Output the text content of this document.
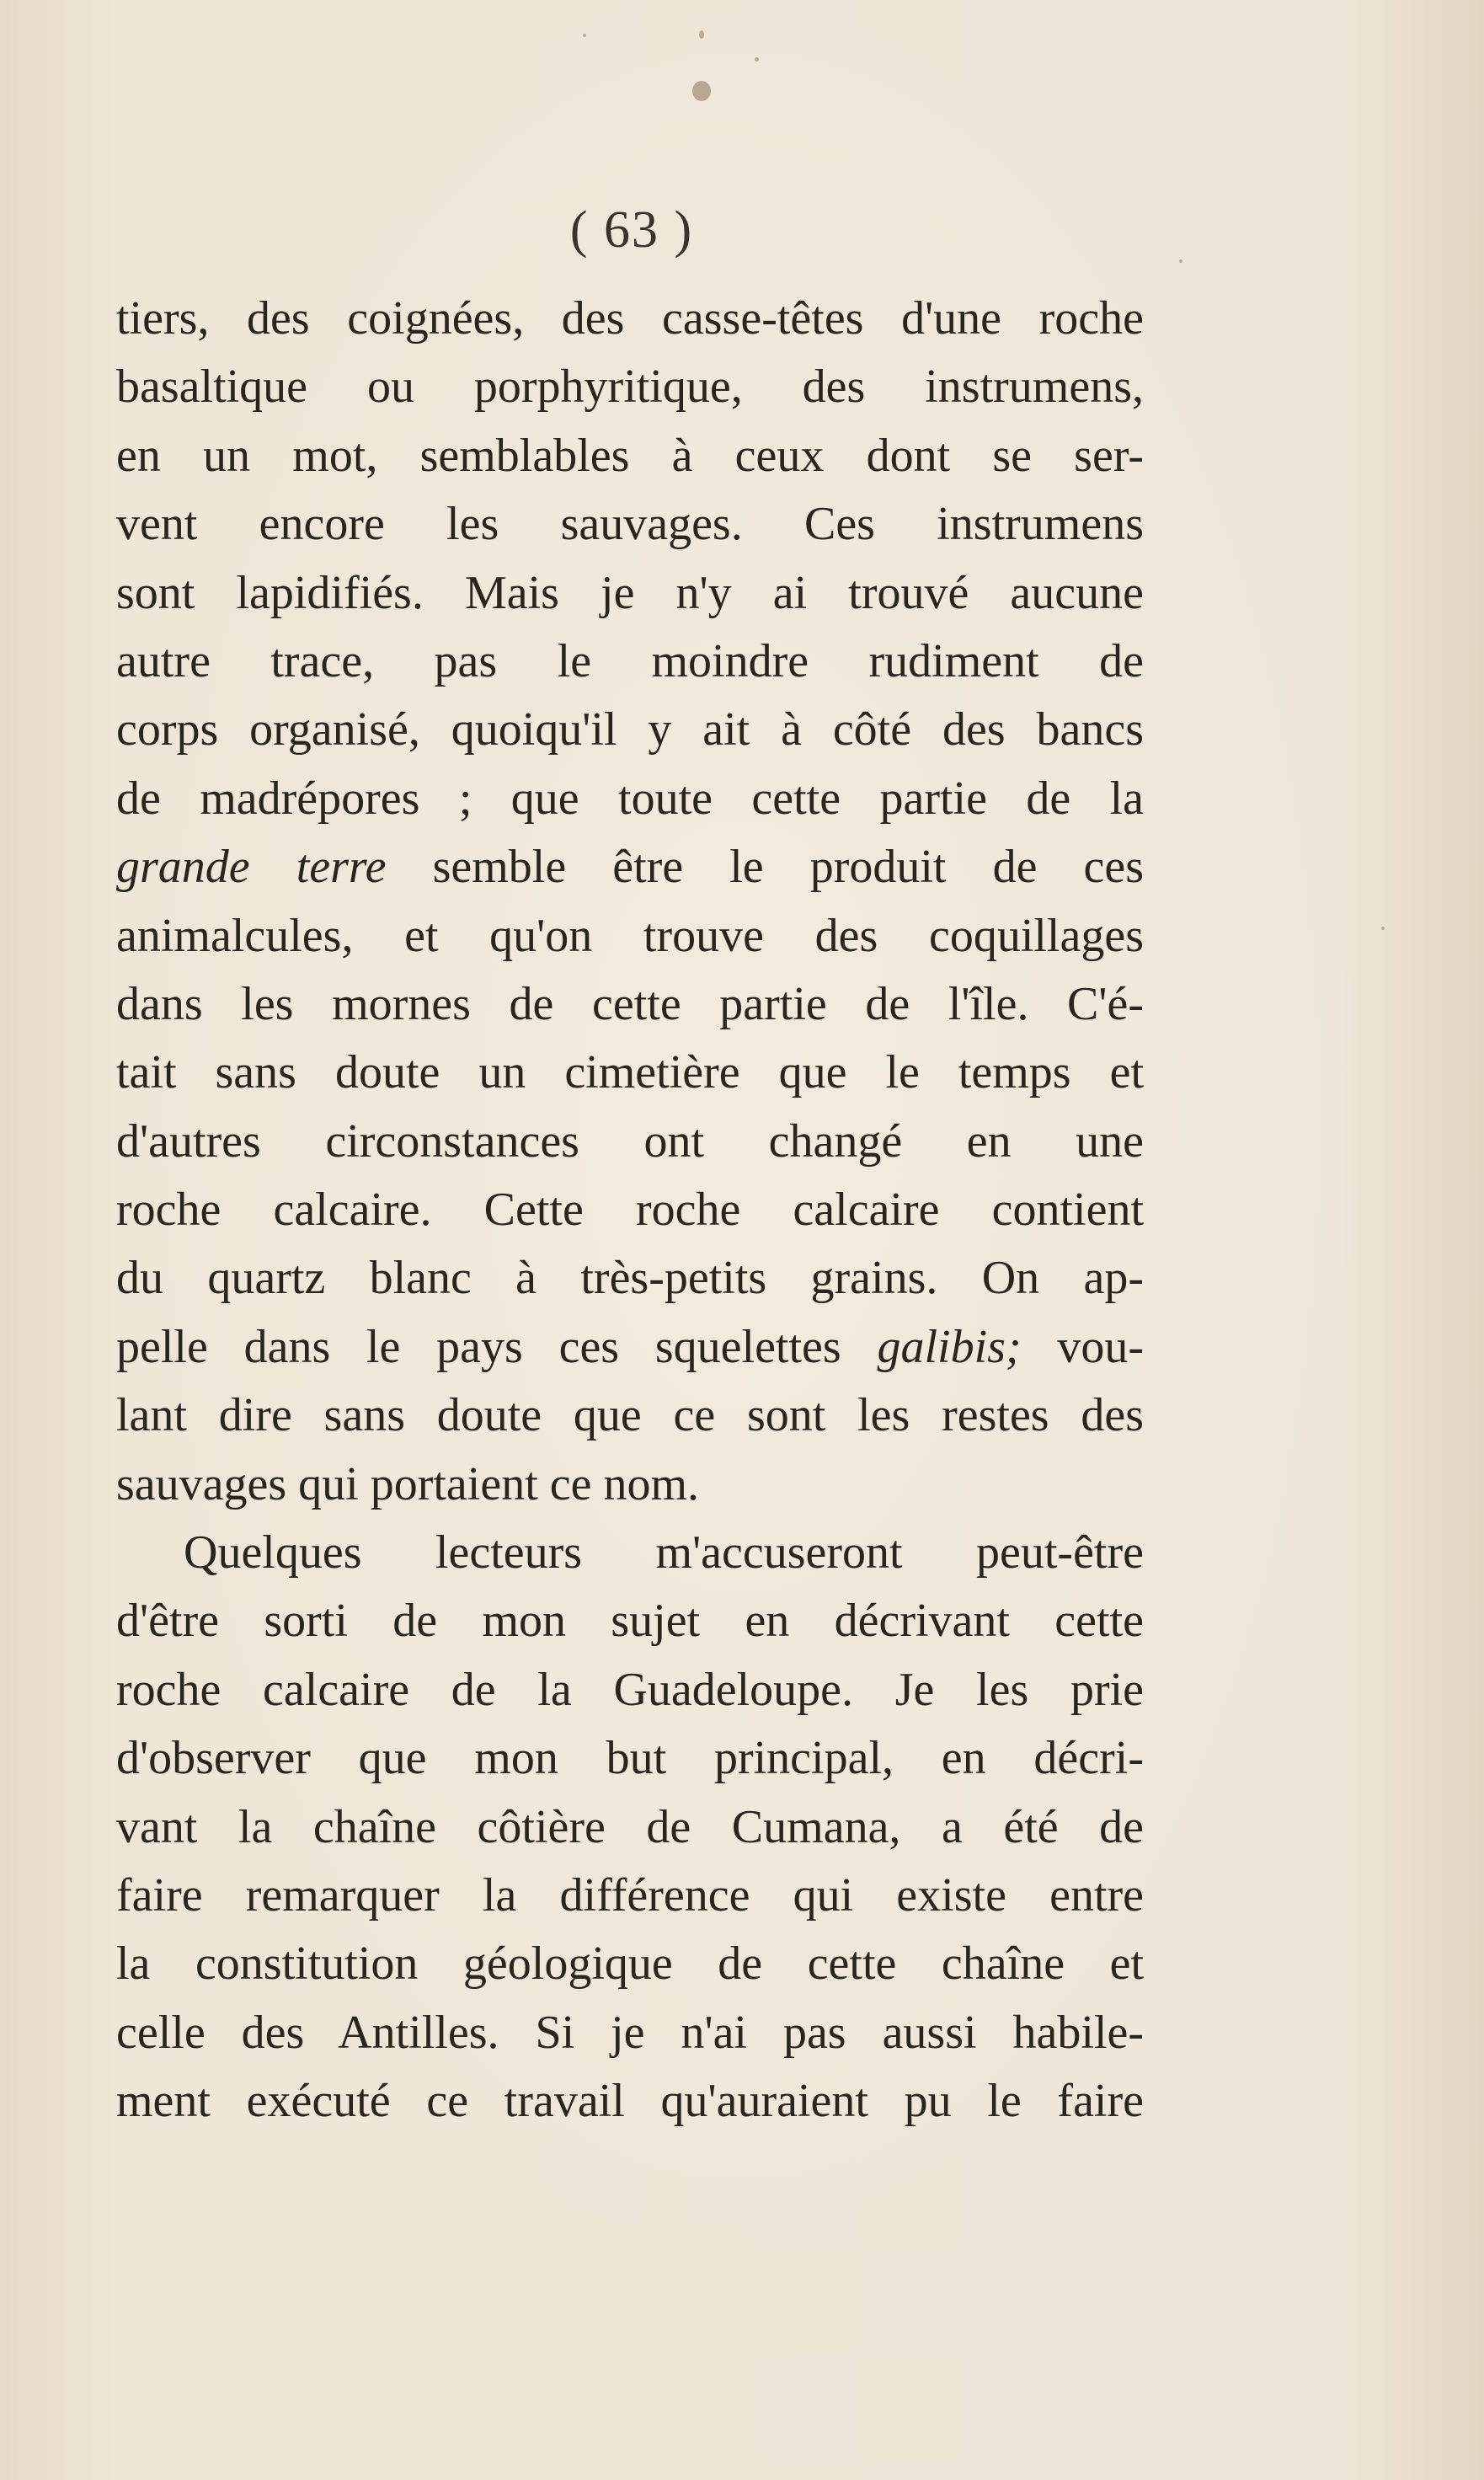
( 63 )
tiers, des coignées, des casse-têtes d'une roche
basaltique ou porphyritique, des instrumens,
en un mot, semblables à ceux dont se ser-
vent encore les sauvages. Ces instrumens
sont lapidifiés. Mais je n'y ai trouvé aucune
autre trace, pas le moindre rudiment de
corps organisé, quoiqu'il y ait à côté des bancs
de madrépores ; que toute cette partie de la
grande terre semble être le produit de ces
animalcules, et qu'on trouve des coquillages
dans les mornes de cette partie de l'île. C'é-
tait sans doute un cimetière que le temps et
d'autres circonstances ont changé en une
roche calcaire. Cette roche calcaire contient
du quartz blanc à très-petits grains. On ap-
pelle dans le pays ces squelettes galibis; vou-
lant dire sans doute que ce sont les restes des
sauvages qui portaient ce nom.
Quelques lecteurs m'accuseront peut-être
d'être sorti de mon sujet en décrivant cette
roche calcaire de la Guadeloupe. Je les prie
d'observer que mon but principal, en décri-
vant la chaîne côtière de Cumana, a été de
faire remarquer la différence qui existe entre
la constitution géologique de cette chaîne et
celle des Antilles. Si je n'ai pas aussi habile-
ment exécuté ce travail qu'auraient pu le faire
